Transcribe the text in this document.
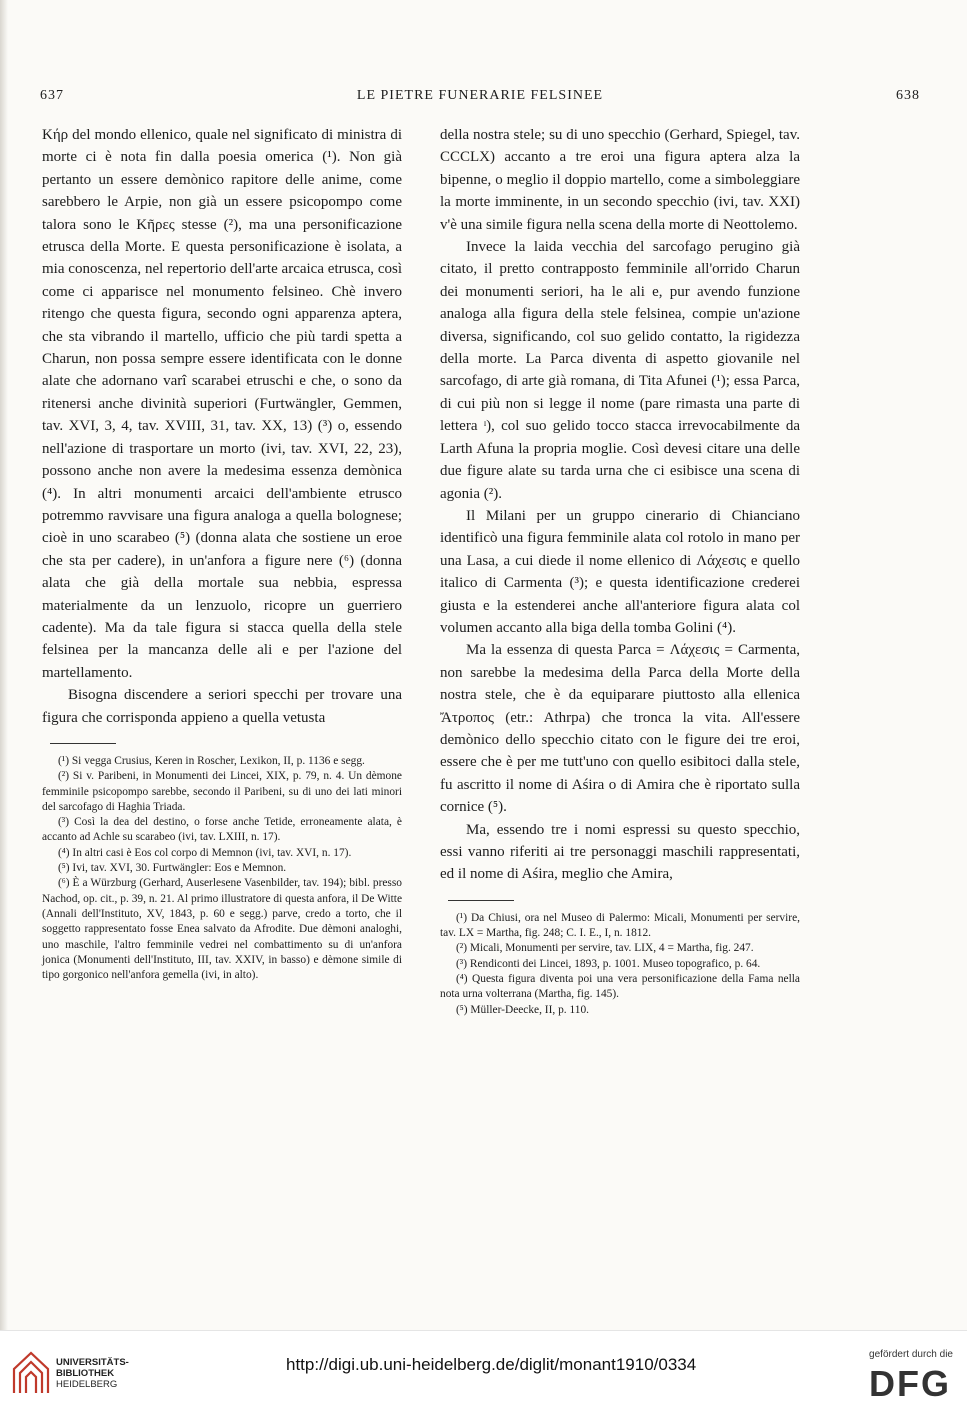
637	LE PIETRE FUNERARIE FELSINEE	638

Κήρ del mondo ellenico, quale nel significato di ministra di morte ci è nota fin dalla poesia omerica (¹). Non già pertanto un essere demònico rapitore delle anime, come sarebbero le Arpie, non già un essere psicopompo come talora sono le Κῆρες stesse (²), ma una personificazione etrusca della Morte. E questa personificazione è isolata, a mia conoscenza, nel repertorio dell'arte arcaica etrusca, così come ci apparisce nel monumento felsineo. Chè invero ritengo che questa figura, secondo ogni apparenza aptera, che sta vibrando il martello, ufficio che più tardi spetta a Charun, non possa sempre essere identificata con le donne alate che adornano varî scarabei etruschi e che, o sono da ritenersi anche divinità superiori (Furtwängler, Gemmen, tav. XVI, 3, 4, tav. XVIII, 31, tav. XX, 13) (³) o, essendo nell'azione di trasportare un morto (ivi, tav. XVI, 22, 23), possono anche non avere la medesima essenza demònica (⁴). In altri monumenti arcaici dell'ambiente etrusco potremmo ravvisare una figura analoga a quella bolognese; cioè in uno scarabeo (⁵) (donna alata che sostiene un eroe che sta per cadere), in un'anfora a figure nere (⁶) (donna alata che già della mortale sua nebbia, espressa materialmente da un lenzuolo, ricopre un guerriero cadente). Ma da tale figura si stacca quella della stele felsinea per la mancanza delle ali e per l'azione del martellamento.

Bisogna discendere a seriori specchi per trovare una figura che corrisponda appieno a quella vetusta

(¹) Si vegga Crusius, Keren in Roscher, Lexikon, II, p. 1136 e segg.

(²) Si v. Paribeni, in Monumenti dei Lincei, XIX, p. 79, n. 4. Un dèmone femminile psicopompo sarebbe, secondo il Paribeni, su di uno dei lati minori del sarcofago di Haghia Triada.

(³) Così la dea del destino, o forse anche Tetide, erroneamente alata, è accanto ad Achle su scarabeo (ivi, tav. LXIII, n. 17).

(⁴) In altri casi è Eos col corpo di Memnon (ivi, tav. XVI, n. 17).

(⁵) Ivi, tav. XVI, 30. Furtwängler: Eos e Memnon.

(⁶) È a Würzburg (Gerhard, Auserlesene Vasenbilder, tav. 194); bibl. presso Nachod, op. cit., p. 39, n. 21. Al primo illustratore di questa anfora, il De Witte (Annali dell'Instituto, XV, 1843, p. 60 e segg.) parve, credo a torto, che il soggetto rappresentato fosse Enea salvato da Afrodite. Due dèmoni analoghi, uno maschile, l'altro femminile vedrei nel combattimento su di un'anfora jonica (Monumenti dell'Instituto, III, tav. XXIV, in basso) e dèmone simile di tipo gorgonico nell'anfora gemella (ivi, in alto).

della nostra stele; su di uno specchio (Gerhard, Spiegel, tav. CCCLX) accanto a tre eroi una figura aptera alza la bipenne, o meglio il doppio martello, come a simboleggiare la morte imminente, in un secondo specchio (ivi, tav. XXI) v'è una simile figura nella scena della morte di Neottolemo.

Invece la laida vecchia del sarcofago perugino già citato, il pretto contrapposto femminile all'orrido Charun dei monumenti seriori, ha le ali e, pur avendo funzione analoga alla figura della stele felsinea, compie un'azione diversa, significando, col suo gelido contatto, la rigidezza della morte. La Parca diventa di aspetto giovanile nel sarcofago, di arte già romana, di Tita Afunei (¹); essa Parca, di cui più non si legge il nome (pare rimasta una parte di lettera ᶦ), col suo gelido tocco stacca irrevocabilmente da Larth Afuna la propria moglie. Così devesi citare una delle due figure alate su tarda urna che ci esibisce una scena di agonia (²).

Il Milani per un gruppo cinerario di Chianciano identificò una figura femminile alata col rotolo in mano per una Lasa, a cui diede il nome ellenico di Λάχεσις e quello italico di Carmenta (³); e questa identificazione crederei giusta e la estenderei anche all'anteriore figura alata col volumen accanto alla biga della tomba Golini (⁴).

Ma la essenza di questa Parca = Λάχεσις = Carmenta, non sarebbe la medesima della Parca della Morte della nostra stele, che è da equiparare piuttosto alla ellenica Ἄτροπος (etr.: Athrpa) che tronca la vita. All'essere demònico dello specchio citato con le figure dei tre eroi, essere che è per me tutt'uno con quello esibitoci dalla stele, fu ascritto il nome di Aśira o di Amira che è riportato sulla cornice (⁵).

Ma, essendo tre i nomi espressi su questo specchio, essi vanno riferiti ai tre personaggi maschili rappresentati, ed il nome di Aśira, meglio che Amira,

(¹) Da Chiusi, ora nel Museo di Palermo: Micali, Monumenti per servire, tav. LX = Martha, fig. 248; C. I. E., I, n. 1812.

(²) Micali, Monumenti per servire, tav. LIX, 4 = Martha, fig. 247.

(³) Rendiconti dei Lincei, 1893, p. 1001. Museo topografico, p. 64.

(⁴) Questa figura diventa poi una vera personificazione della Fama nella nota urna volterrana (Martha, fig. 145).

(⁵) Müller-Deecke, II, p. 110.

UNIVERSITÄTS-
BIBLIOTHEK
HEIDELBERG
http://digi.ub.uni-heidelberg.de/diglit/monant1910/0334
gefördert durch die
DFG
